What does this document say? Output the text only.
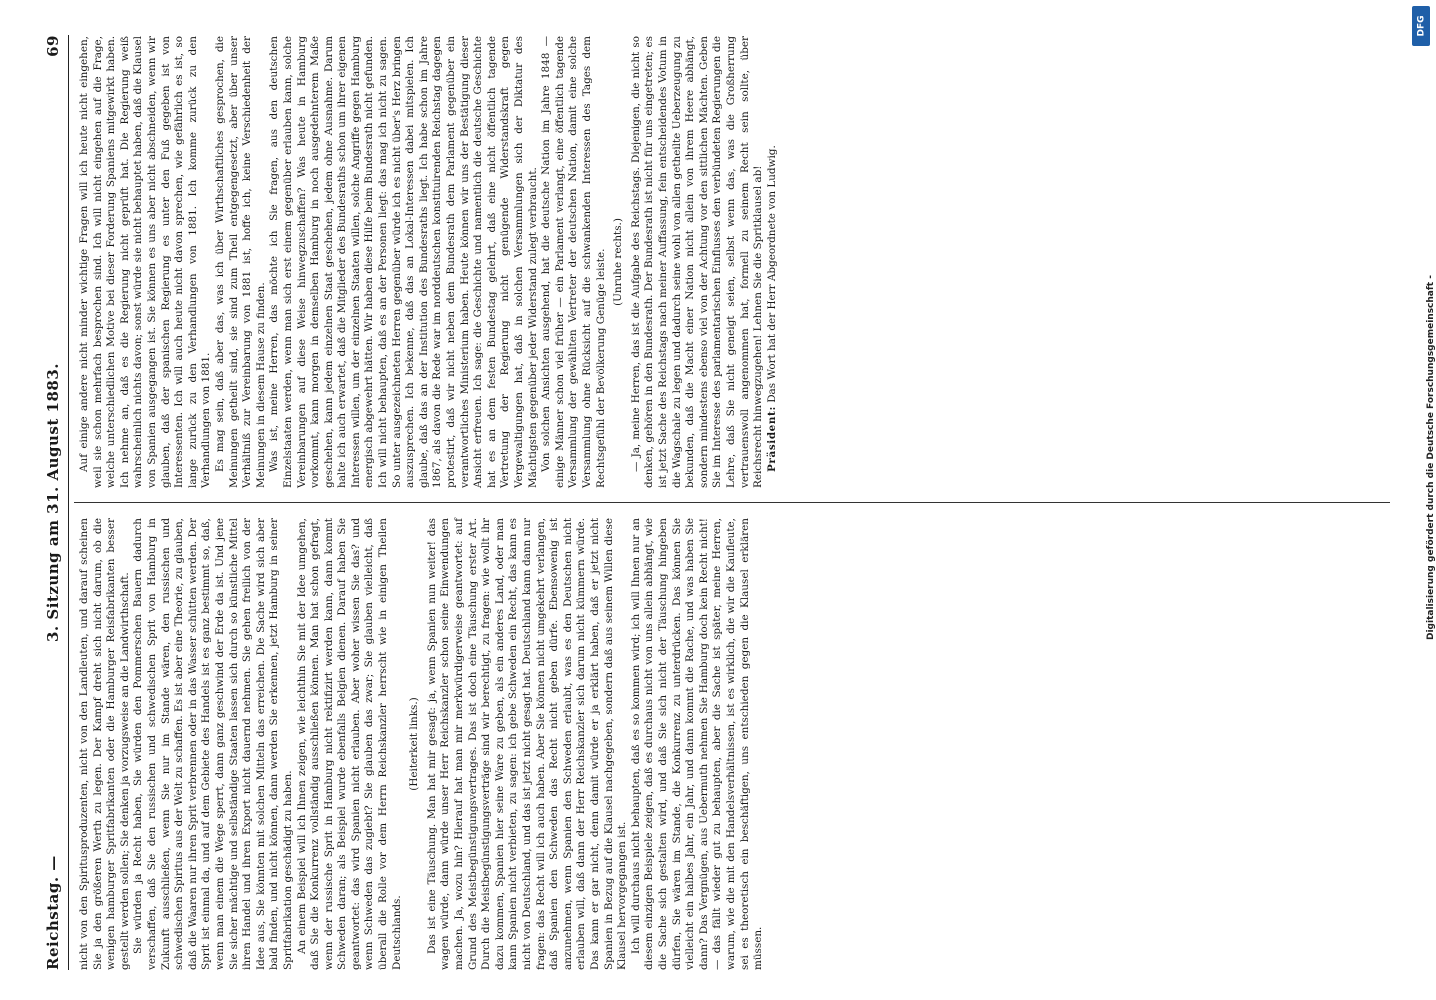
Reichstag. —
3. Sitzung am 31. August 1883.
69

nicht von den Spiritusproduzenten, nicht von den Landleuten, und darauf scheinen Sie ja den größeren Werth zu legen. Der Kampf dreht sich nicht darum, ob die wenigen hamburger Spritfabrikanten oder die Hamburger Reisfabrikanten besser gestellt werden sollen; Sie denken ja vorzugsweise an die Landwirthschaft. Sie würden ja Recht haben, Sie würden den Pommerschen Bauern dadurch verschaffen, daß Sie den russischen und schwedischen Sprit von Hamburg in Zukunft ausschließen, wenn Sie nur im Stande wären, den russischen und schwedischen Spiritus aus der Welt zu schaffen. Es ist aber eine Theorie, zu glauben, daß die Waaren nur ihren Sprit verbrennen oder in das Wasser schütten werden. Der Sprit ist einmal da, und auf dem Gebiete des Handels ist es ganz bestimmt so, daß, wenn man einem die Wege sperrt, dann ganz geschwind der Erde da ist. Und jene Sie sicher mächtige und selbständige Staaten lassen sich durch so künstliche Mittel ihren Handel und ihren Export nicht dauernd nehmen. Sie gehen freilich von der Idee aus, Sie könnten mit solchen Mitteln das erreichen. Die Sache wird sich aber bald finden, und nicht können, dann werden Sie erkennen, jetzt Hamburg in seiner Spritfabrikation geschädigt zu haben. An einem Beispiel will ich Ihnen zeigen, wie leichthin Sie mit der Idee umgehen, daß Sie die Konkurrenz vollständig ausschließen können. Man hat schon gefragt, wenn der russische Sprit in Hamburg nicht rektifizirt werden kann, dann kommt Schweden daran; als Beispiel wurde ebenfalls Belgien dienen. Darauf haben Sie geantwortet: das wird Spanien nicht erlauben. Aber woher wissen Sie das? und wenn Schweden das zugiebt? Sie glauben das zwar; Sie glauben vielleicht, daß überall die Rolle vor dem Herrn Reichskanzler herrscht wie in einigen Theilen Deutschlands.

(Heiterkeit links.) Das ist eine Täuschung. Man hat mir gesagt: ja, wenn Spanien nun weiter! das wagen würde, dann würde unser Herr Reichskanzler schon seine Einwendungen machen. Ja, wozu hin? Hierauf hat man mir merkwürdigerweise geantwortet: auf Grund des Meistbegünstigungsvertrages. Das ist doch eine Täuschung erster Art. Durch die Meistbegünstigungsverträge sind wir berechtigt, zu fragen: wie wollt ihr dazu kommen, Spanien hier seine Ware zu geben, als ein anderes Land, oder man kann Spanien nicht verbieten, zu sagen: ich gebe Schweden ein Recht, das kann es nicht von Deutschland, und das ist jetzt nicht gesagt hat. Deutschland kann dann nur fragen: das Recht will ich auch haben. Aber Sie können nicht umgekehrt verlangen, daß Spanien den Schweden das Recht nicht geben dürfe. Ebensowenig ist anzunehmen, wenn Spanien den Schweden erlaubt, was es den Deutschen nicht erlauben will, daß dann der Herr Reichskanzler sich darum nicht kümmern würde. Das kann er gar nicht, denn damit würde er ja erklärt haben, daß er jetzt nicht Spanien in Bezug auf die Klausel nachgegeben, sondern daß aus seinem Willen diese Klausel hervorgegangen ist. Ich will durchaus nicht behaupten, daß es so kommen wird; ich will Ihnen nur an diesem einzigen Beispiele zeigen, daß es durchaus nicht von uns allein abhängt, wie die Sache sich gestalten wird, und daß Sie sich nicht der Täuschung hingeben dürfen, Sie wären im Stande, die Konkurrenz zu unterdrücken. Das können Sie vielleicht ein halbes Jahr, ein Jahr, und dann kommt die Rache, und was haben Sie dann? Das Vergnügen, aus Uebermuth nehmen Sie Hamburg doch kein Recht nicht! — das fällt wieder gut zu behaupten, aber die Sache ist später, meine Herren, warum, wie die mit den Handelsverhältnissen, ist es wirklich, die wir die Kaufleute, sei es theoretisch ein beschäftigen, uns entschieden gegen die Klausel erklären müssen.

Auf einige andere nicht minder wichtige Fragen will ich heute nicht eingehen, weil sie schon mehrfach besprochen sind. Ich will nicht eingehen auf die Frage, welche unterschiedlichen Motive bei dieser Forderung Spaniens mitgewirkt haben. Ich nehme an, daß es die Regierung nicht geprüft hat. Die Regierung weiß wahrscheinlich nichts davon; sonst würde sie nicht behauptet haben, daß die Klausel von Spanien ausgegangen ist. Sie können es uns aber nicht abschneiden, wenn wir glauben, daß der spanischen Regierung es unter den Fuß gegeben ist von Interessenten. Ich will auch heute nicht davon sprechen, wie gefährlich es ist, so lange zurück zu den Verhandlungen von 1881. Ich komme zurück zu den Verhandlungen von 1881. Es mag sein, daß aber das, was ich über Wirthschaftliches gesprochen, die Meinungen getheilt sind, sie sind zum Theil entgegengesetzt, aber über unser Verhältniß zur Vereinbarung von 1881 ist, hoffe ich, keine Verschiedenheit der Meinungen in diesem Hause zu finden. Was ist, meine Herren, das möchte ich Sie fragen, aus den deutschen Einzelstaaten werden, wenn man sich erst einem gegenüber erlauben kann, solche Vereinbarungen auf diese Weise hinwegzuschaffen? Was heute in Hamburg vorkommt, kann morgen in demselben Hamburg in noch ausgedehnterem Maße geschehen, kann jedem einzelnen Staat geschehen, jedem ohne Ausnahme. Darum halte ich auch erwartet, daß die Mitglieder des Bundesraths schon um ihrer eigenen Interessen willen, um der einzelnen Staaten willen, solche Angriffe gegen Hamburg energisch abgewehrt hätten. Wir haben diese Hilfe beim Bundesrath nicht gefunden. Ich will nicht behaupten, daß es an der Personen liegt: das mag ich nicht zu sagen. So unter ausgezeichneten Herren gegenüber würde ich es nicht über's Herz bringen auszusprechen. Ich bekenne, daß das an Lokal-Interessen dabei mitspielen. Ich glaube, daß das an der Institution des Bundesraths liegt. Ich habe schon im Jahre 1867, als davon die Rede war im norddeutschen konstituirenden Reichstag dagegen protestirt, daß wir nicht neben dem Bundesrath dem Parlament gegenüber ein verantwortliches Ministerium haben. Heute können wir uns der Bestätigung dieser Ansicht erfreuen. Ich sage: die Geschichte und namentlich die deutsche Geschichte hat es an dem festen Bundestag gelehrt, daß eine nicht öffentlich tagende Vertretung der Regierung nicht genügende Widerstandskraft gegen Vergewaltigungen hat, daß in solchen Versammlungen sich der Diktatur des Mächtigsten gegenüber jeder Widerstand zulegt verbraucht. Von solchen Ansichten ausgehend, hat die deutsche Nation im Jahre 1848 — einige Männer schon viel früher — ein Parlament verlangt, eine öffentlich tagende Versammlung der gewählten Vertreter der deutschen Nation, damit eine solche Versammlung ohne Rücksicht auf die schwankenden Interessen des Tages dem Rechtsgefühl der Bevölkerung Genüge leiste. (Unruhe rechts.) — Ja, meine Herren, das ist die Aufgabe des Reichstags. Diejenigen, die nicht so denken, gehören in den Bundesrath. Der Bundesrath ist nicht für uns eingetreten; es ist jetzt Sache des Reichstags nach meiner Auffassung, fein entscheidendes Votum in die Wagschale zu legen und dadurch seine wohl von allen getheilte Ueberzeugung zu bekunden, daß die Macht einer Nation nicht allein von ihrem Heere abhängt, sondern mindestens ebenso viel von der Achtung vor den sittlichen Mächten. Geben Sie im Interesse des parlamentarischen Einflusses den verbündeten Regierungen die Lehre, daß Sie nicht geneigt seien, selbst wenn das, was die Großherrung vertrauenswoll angenommen hat, formell zu seinem Recht sein sollte, über Reichsrecht hinwegzugehen! Lehnen Sie die Spritklausel ab! Präsident: Das Wort hat der Herr Abgeordnete von Ludwig.

DFG
Digitalisierung gefördert durch die Deutsche Forschungsgemeinschaft -
